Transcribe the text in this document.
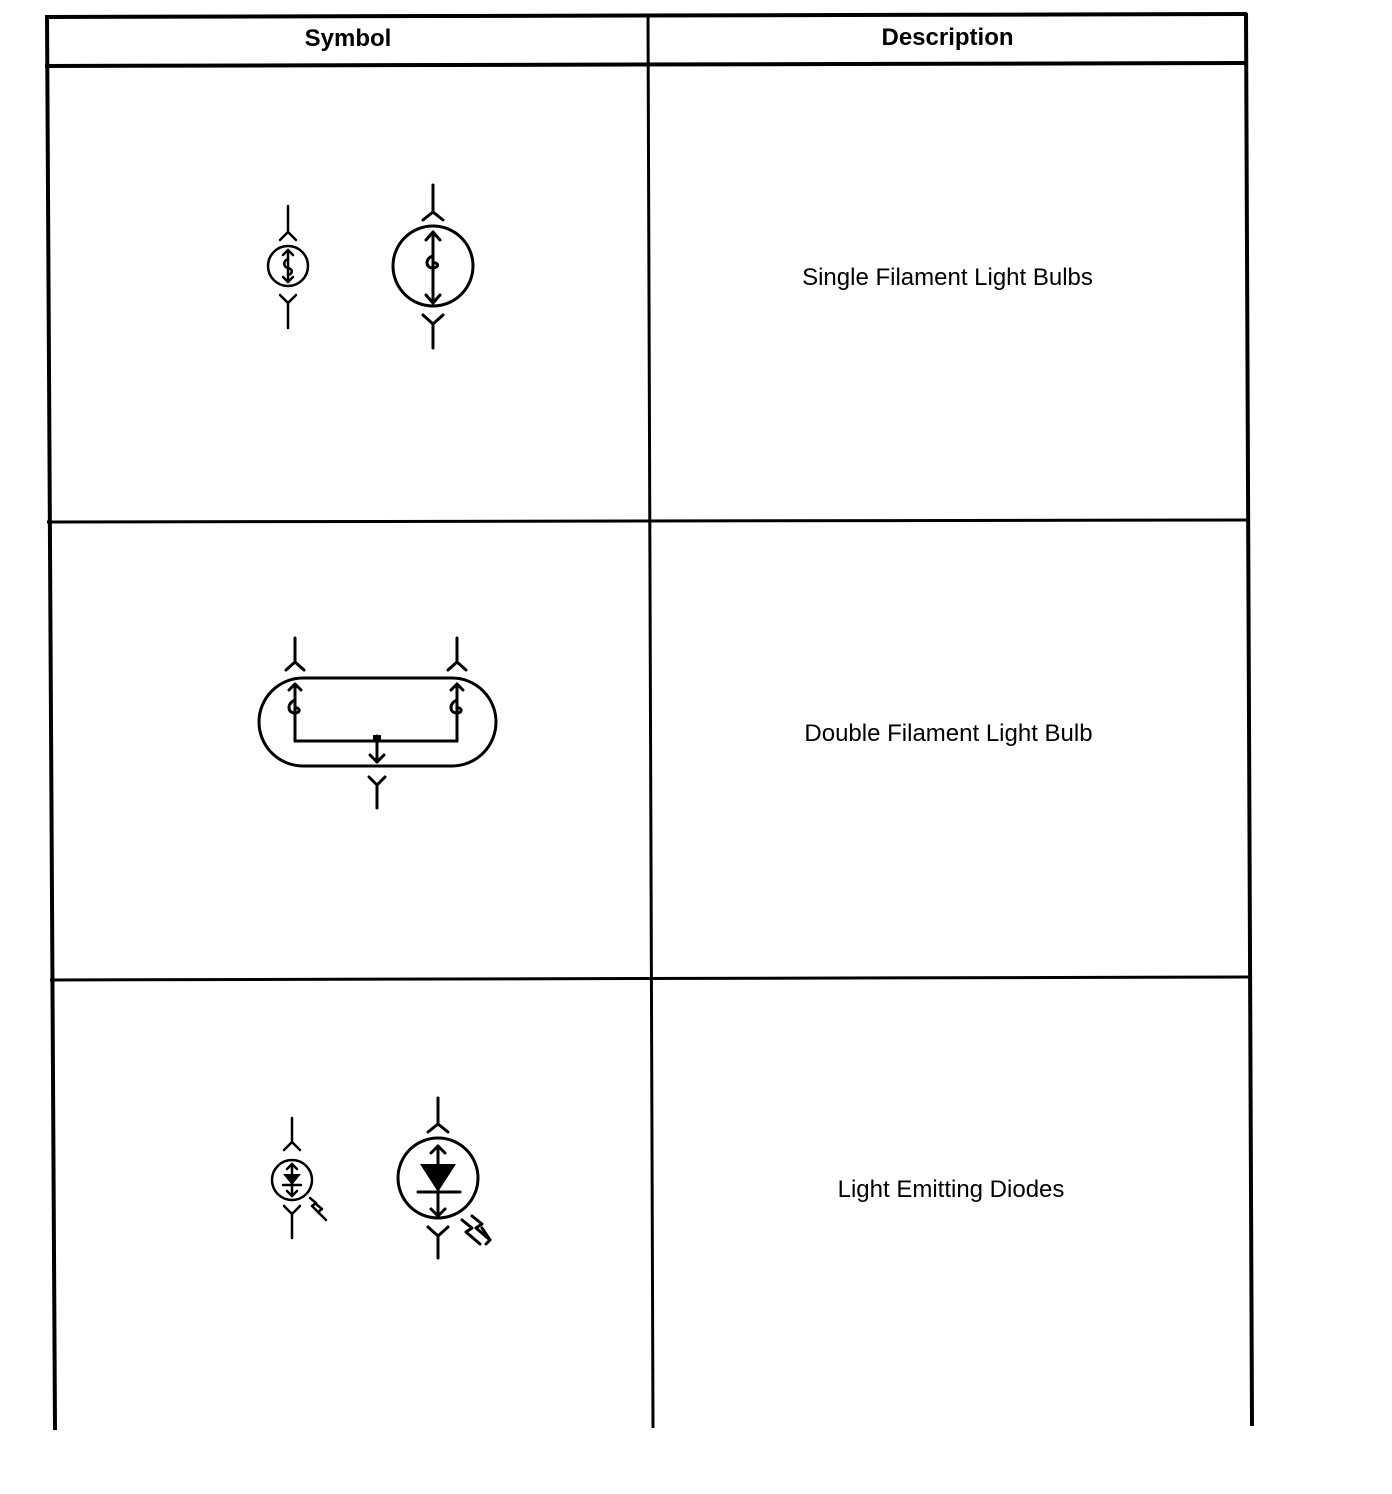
Symbol	Description
Single Filament Light Bulbs
Double Filament Light Bulb
Light Emitting Diodes
